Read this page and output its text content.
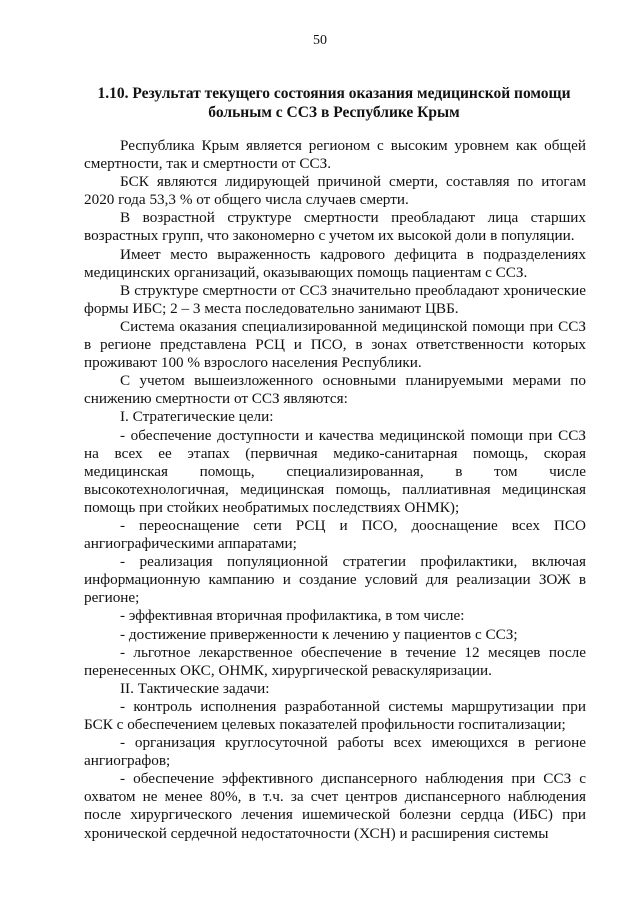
50
1.10. Результат текущего состояния оказания медицинской помощи больным с ССЗ в Республике Крым

Республика Крым является регионом с высоким уровнем как общей смертности, так и смертности от ССЗ.

БСК являются лидирующей причиной смерти, составляя по итогам 2020 года 53,3 % от общего числа случаев смерти.

В возрастной структуре смертности преобладают лица старших возрастных групп, что закономерно с учетом их высокой доли в популяции.

Имеет место выраженность кадрового дефицита в подразделениях медицинских организаций, оказывающих помощь пациентам с ССЗ.

В структуре смертности от ССЗ значительно преобладают хронические формы ИБС; 2 – 3 места последовательно занимают ЦВБ.

Система оказания специализированной медицинской помощи при ССЗ в регионе представлена РСЦ и ПСО, в зонах ответственности которых проживают 100 % взрослого населения Республики.

С учетом вышеизложенного основными планируемыми мерами по снижению смертности от ССЗ являются:

I. Стратегические цели:

- обеспечение доступности и качества медицинской помощи при ССЗ на всех ее этапах (первичная медико-санитарная помощь, скорая медицинская помощь, специализированная, в том числе высокотехнологичная, медицинская помощь, паллиативная медицинская помощь при стойких необратимых последствиях ОНМК);

- переоснащение сети РСЦ и ПСО, дооснащение всех ПСО ангиографическими аппаратами;

- реализация популяционной стратегии профилактики, включая информационную кампанию и создание условий для реализации ЗОЖ в регионе;

- эффективная вторичная профилактика, в том числе:

- достижение приверженности к лечению у пациентов с ССЗ;

- льготное лекарственное обеспечение в течение 12 месяцев после перенесенных ОКС, ОНМК, хирургической реваскуляризации.

II. Тактические задачи:

- контроль исполнения разработанной системы маршрутизации при БСК с обеспечением целевых показателей профильности госпитализации;

- организация круглосуточной работы всех имеющихся в регионе ангиографов;

- обеспечение эффективного диспансерного наблюдения при ССЗ с охватом не менее 80%, в т.ч. за счет центров диспансерного наблюдения после хирургического лечения ишемической болезни сердца (ИБС) при хронической сердечной недостаточности (ХСН) и расширения системы
